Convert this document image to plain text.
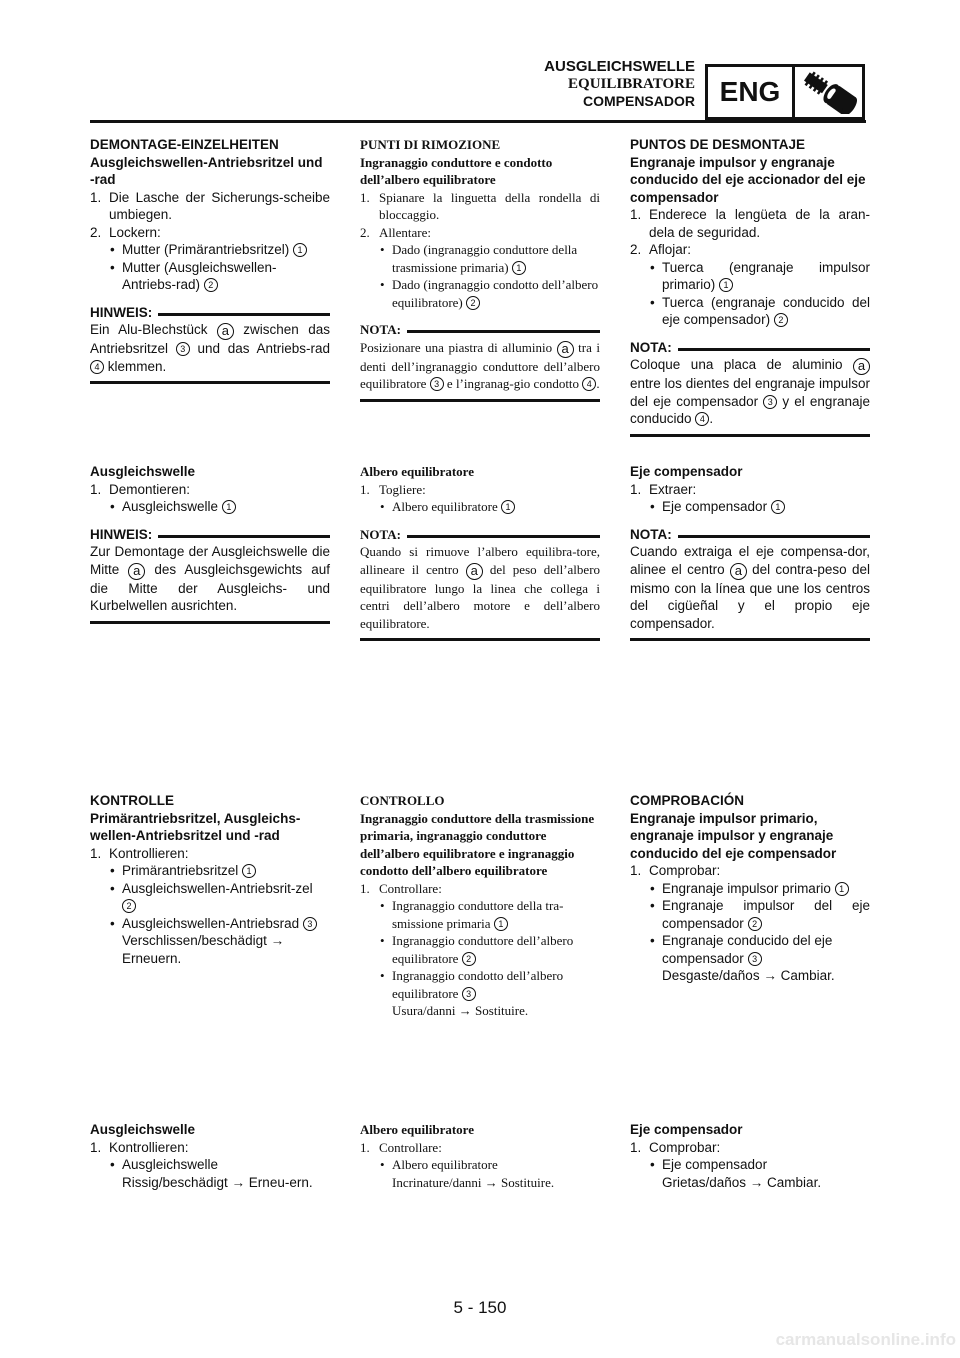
AUSGLEICHSWELLE
EQUILIBRATORE
COMPENSADOR ENG
DEMONTAGE-EINZELHEITEN
Ausgleichswellen-Antriebsritzel und -rad
1. Die Lasche der Sicherungs-scheibe umbiegen.
2. Lockern:
• Mutter (Primärantriebsritzel) 1
• Mutter (Ausgleichswellen-Antriebs-rad) 2
HINWEIS:
Ein Alu-Blechstück a zwischen das Antriebsritzel 3 und das Antriebs-rad 4 klemmen.
Ausgleichswelle
1. Demontieren:
• Ausgleichswelle 1
HINWEIS:
Zur Demontage der Ausgleichswelle die Mitte a des Ausgleichsgewichts auf die Mitte der Ausgleichs- und Kurbelwellen ausrichten.
KONTROLLE
Primärantriebsritzel, Ausgleichs-wellen-Antriebsritzel und -rad
1. Kontrollieren:
• Primärantriebsritzel 1
• Ausgleichswellen-Antriebsrit-zel 2
• Ausgleichswellen-Antriebsrad 3
Verschlissen/beschädigt → Erneuern.
Ausgleichswelle
1. Kontrollieren:
• Ausgleichswelle
Rissig/beschädigt → Erneu-ern.
PUNTI DI RIMOZIONE
Ingranaggio conduttore e condotto dell’albero equilibratore
1. Spianare la linguetta della rondella di bloccaggio.
2. Allentare:
• Dado (ingranaggio conduttore della trasmissione primaria) 1
• Dado (ingranaggio condotto dell’albero equilibratore) 2
NOTA:
Posizionare una piastra di alluminio a tra i denti dell’ingranaggio conduttore dell’albero equilibratore 3 e l’ingranag-gio condotto 4 .
Albero equilibratore
1. Togliere:
• Albero equilibratore 1
NOTA:
Quando si rimuove l’albero equilibra-tore, allineare il centro a del peso dell’albero equilibratore lungo la linea che collega i centri dell’albero motore e dell’albero equilibratore.
CONTROLLO
Ingranaggio conduttore della trasmissione primaria, ingranaggio conduttore dell’albero equilibratore e ingranaggio condotto dell’albero equilibratore
1. Controllare:
• Ingranaggio conduttore della tra-smissione primaria 1
• Ingranaggio conduttore dell’albero equilibratore 2
• Ingranaggio condotto dell’albero equilibratore 3
Usura/danni → Sostituire.
Albero equilibratore
1. Controllare:
• Albero equilibratore
Incrinature/danni → Sostituire.
PUNTOS DE DESMONTAJE
Engranaje impulsor y engranaje conducido del eje accionador del eje compensador
1. Enderece la lengüeta de la aran-dela de seguridad.
2. Aflojar:
• Tuerca (engranaje impulsor primario) 1
• Tuerca (engranaje conducido del eje compensador) 2
NOTA:
Coloque una placa de aluminio a entre los dientes del engranaje impulsor del eje compensador 3 y el engranaje conducido 4 .
Eje compensador
1. Extraer:
• Eje compensador 1
NOTA:
Cuando extraiga el eje compensa-dor, alinee el centro a del contra-peso del mismo con la línea que une los centros del cigüeñal y el propio eje compensador.
COMPROBACIÓN
Engranaje impulsor primario, engranaje impulsor y engranaje conducido del eje compensador
1. Comprobar:
• Engranaje impulsor primario 1
• Engranaje impulsor del eje compensador 2
• Engranaje conducido del eje compensador 3
Desgaste/daños → Cambiar.
Eje compensador
1. Comprobar:
• Eje compensador
Grietas/daños → Cambiar.
5 - 150
carmanualsonline.info
